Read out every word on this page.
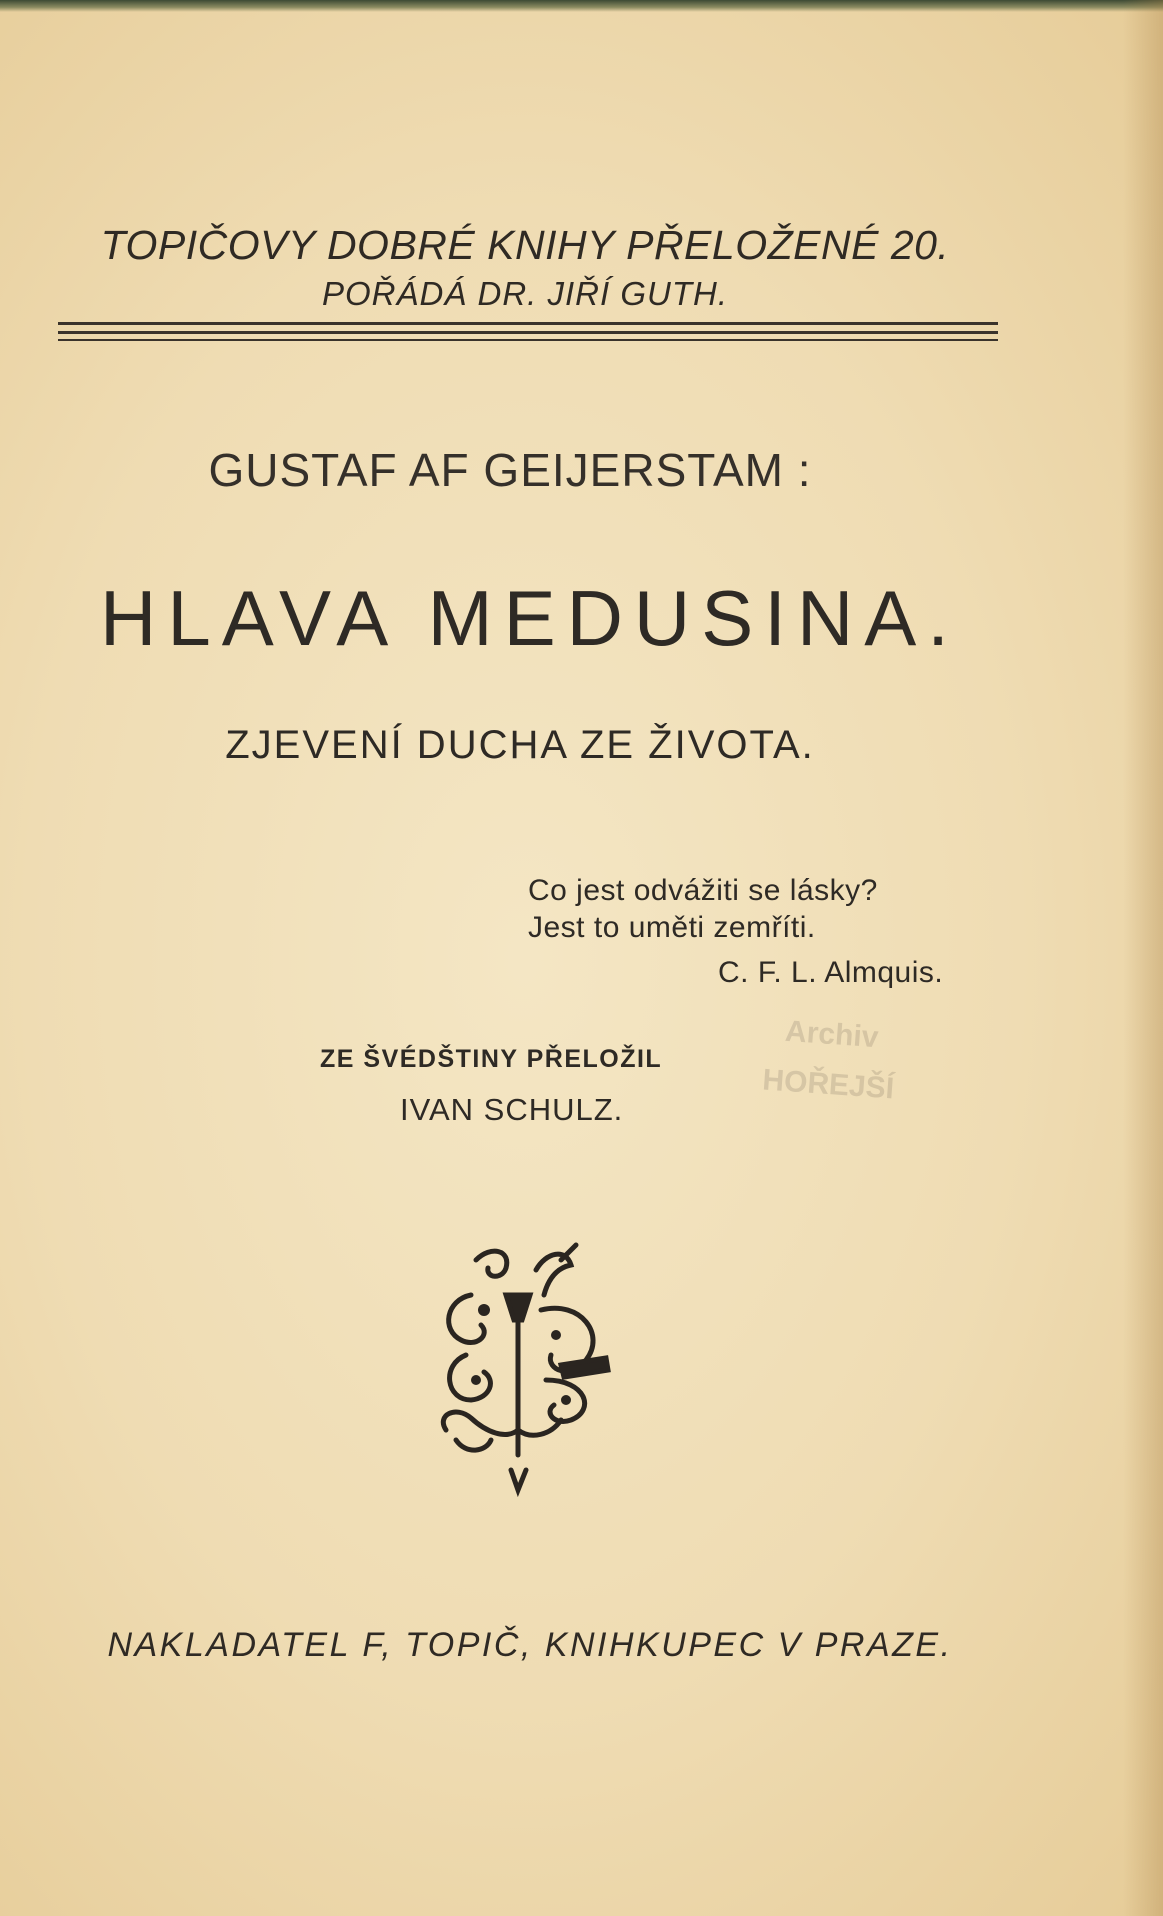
TOPIČOVY DOBRÉ KNIHY PŘELOŽENÉ 20.
POŘÁDÁ DR. JIŘÍ GUTH.
GUSTAF AF GEIJERSTAM :
HLAVA MEDUSINA.
ZJEVENÍ DUCHA ZE ŽIVOTA.
Co jest odvážiti se lásky?
Jest to uměti zemříti.
C. F. L. Almquis.
Archiv
HOŘEJŠÍ
ZE ŠVÉDŠTINY PŘELOŽIL
IVAN SCHULZ.
NAKLADATEL F, TOPIČ, KNIHKUPEC V PRAZE.
